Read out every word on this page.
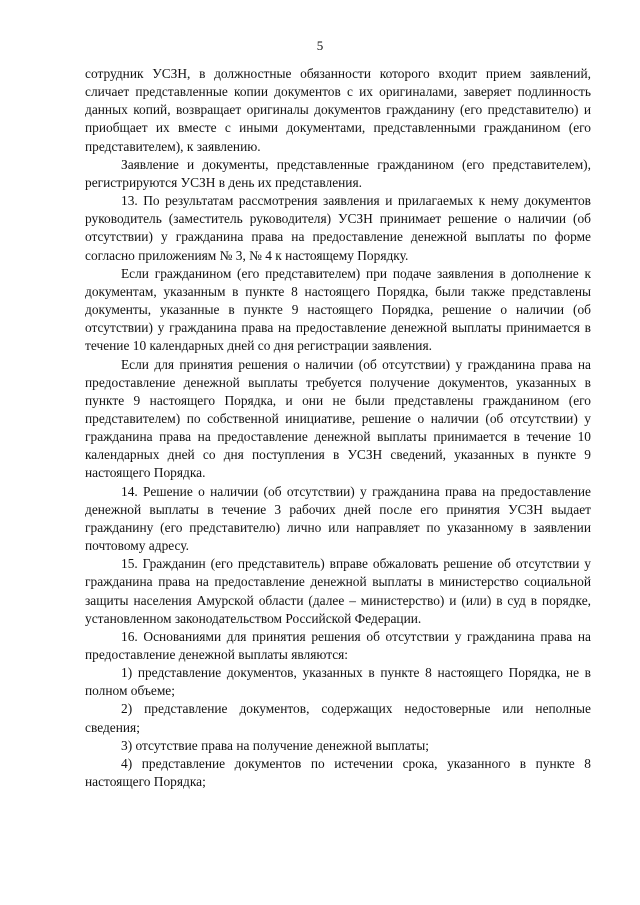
5

сотрудник УСЗН, в должностные обязанности которого входит прием заявлений, сличает представленные копии документов с их оригиналами, заверяет подлинность данных копий, возвращает оригиналы документов гражданину (его представителю) и приобщает их вместе с иными документами, представленными гражданином (его представителем), к заявлению.

Заявление и документы, представленные гражданином (его представителем), регистрируются УСЗН в день их представления.

13. По результатам рассмотрения заявления и прилагаемых к нему документов руководитель (заместитель руководителя) УСЗН принимает решение о наличии (об отсутствии) у гражданина права на предоставление денежной выплаты по форме согласно приложениям № 3, № 4 к настоящему Порядку.

Если гражданином (его представителем) при подаче заявления в дополнение к документам, указанным в пункте 8 настоящего Порядка, были также представлены документы, указанные в пункте 9 настоящего Порядка, решение о наличии (об отсутствии) у гражданина права на предоставление денежной выплаты принимается в течение 10 календарных дней со дня регистрации заявления.

Если для принятия решения о наличии (об отсутствии) у гражданина права на предоставление денежной выплаты требуется получение документов, указанных в пункте 9 настоящего Порядка, и они не были представлены гражданином (его представителем) по собственной инициативе, решение о наличии (об отсутствии) у гражданина права на предоставление денежной выплаты принимается в течение 10 календарных дней со дня поступления в УСЗН сведений, указанных в пункте 9 настоящего Порядка.

14. Решение о наличии (об отсутствии) у гражданина права на предоставление денежной выплаты в течение 3 рабочих дней после его принятия УСЗН выдает гражданину (его представителю) лично или направляет по указанному в заявлении почтовому адресу.

15. Гражданин (его представитель) вправе обжаловать решение об отсутствии у гражданина права на предоставление денежной выплаты в министерство социальной защиты населения Амурской области (далее – министерство) и (или) в суд в порядке, установленном законодательством Российской Федерации.

16. Основаниями для принятия решения об отсутствии у гражданина права на предоставление денежной выплаты являются:

1) представление документов, указанных в пункте 8 настоящего Порядка, не в полном объеме;

2) представление документов, содержащих недостоверные или неполные сведения;

3) отсутствие права на получение денежной выплаты;

4) представление документов по истечении срока, указанного в пункте 8 настоящего Порядка;
